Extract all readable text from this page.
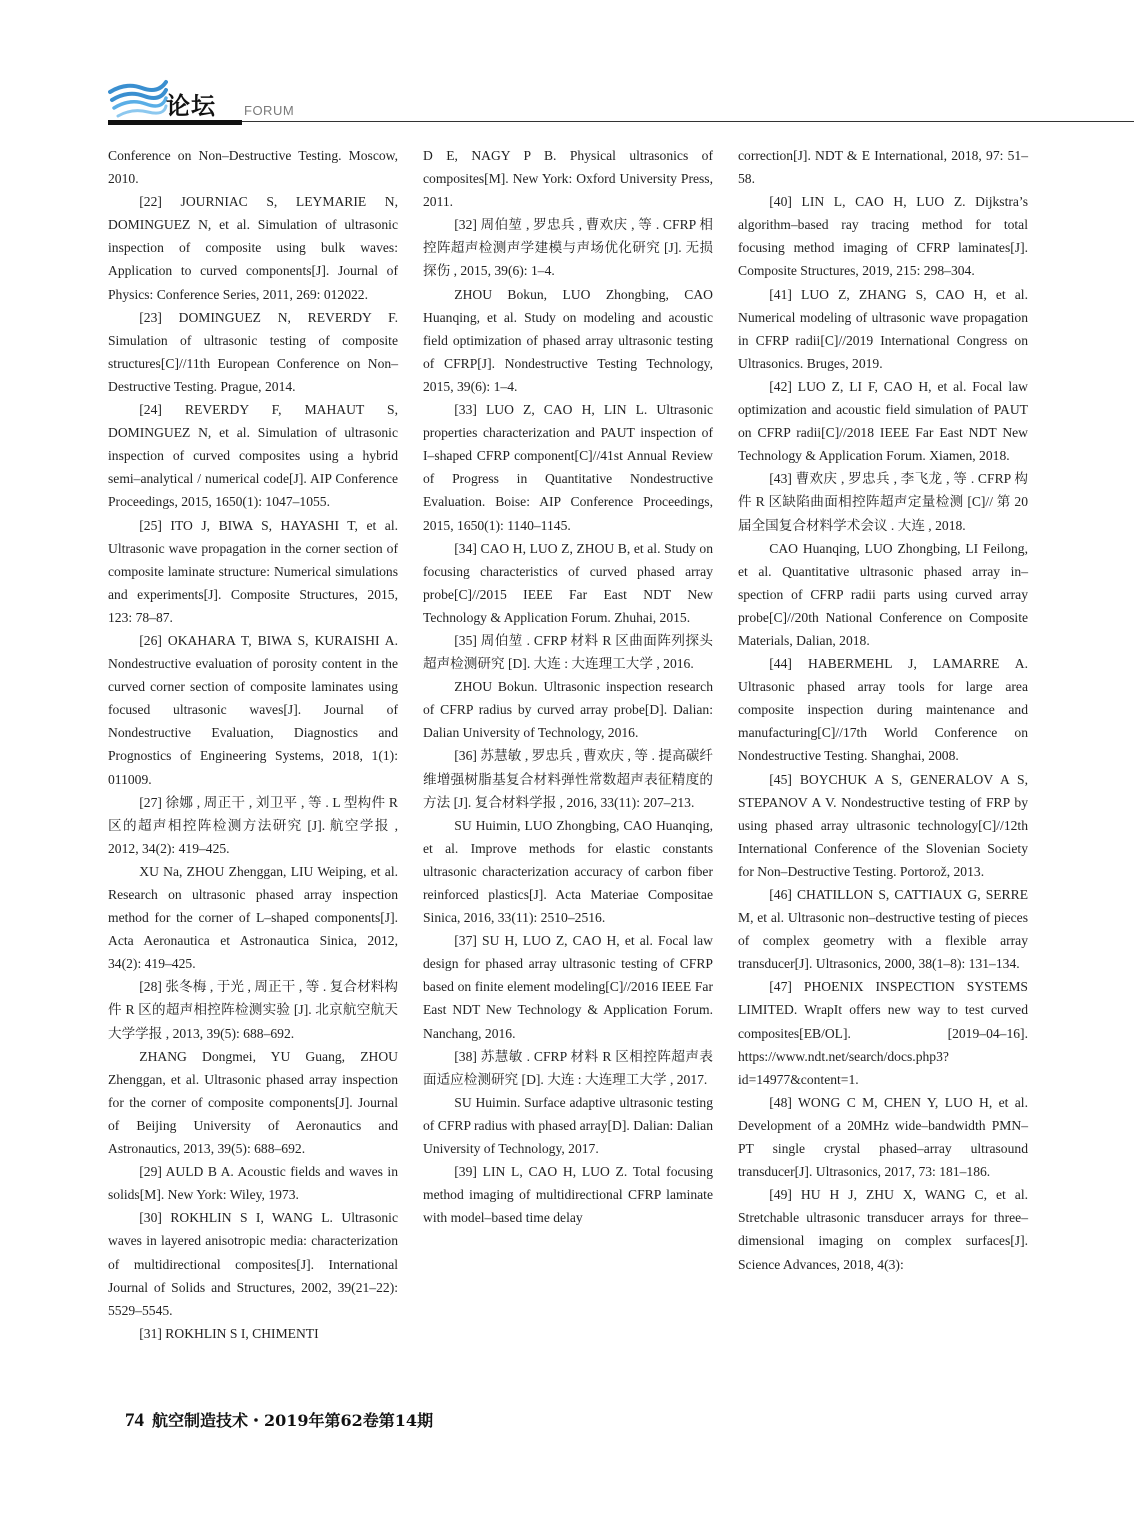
论坛 FORUM

Conference on Non–Destructive Testing. Moscow, 2010.

[22] JOURNIAC S, LEYMARIE N, DOMINGUEZ N, et al. Simulation of ultrasonic inspection of composite using bulk waves: Application to curved components[J]. Journal of Physics: Conference Series, 2011, 269: 012022.

[23] DOMINGUEZ N, REVERDY F. Simulation of ultrasonic testing of composite structures[C]//11th European Conference on Non–Destructive Testing. Prague, 2014.

[24] REVERDY F, MAHAUT S, DOMINGUEZ N, et al. Simulation of ultrasonic inspection of curved composites using a hybrid semi–analytical / numerical code[J]. AIP Conference Proceedings, 2015, 1650(1): 1047–1055.

[25] ITO J, BIWA S, HAYASHI T, et al. Ultrasonic wave propagation in the corner section of composite laminate structure: Numerical simulations and experiments[J]. Composite Structures, 2015, 123: 78–87.

[26] OKAHARA T, BIWA S, KURAISHI A. Nondestructive evaluation of porosity content in the curved corner section of composite laminates using focused ultrasonic waves[J]. Journal of Nondestructive Evaluation, Diagnostics and Prognostics of Engineering Systems, 2018, 1(1): 011009.

[27] 徐娜 , 周正干 , 刘卫平 , 等 . L 型构件 R 区的超声相控阵检测方法研究 [J]. 航空学报 , 2012, 34(2): 419–425.

XU Na, ZHOU Zhenggan, LIU Weiping, et al. Research on ultrasonic phased array inspection method for the corner of L–shaped components[J]. Acta Aeronautica et Astronautica Sinica, 2012, 34(2): 419–425.

[28] 张冬梅 , 于光 , 周正干 , 等 . 复合材料构件 R 区的超声相控阵检测实验 [J]. 北京航空航天大学学报 , 2013, 39(5): 688–692.

ZHANG Dongmei, YU Guang, ZHOU Zhenggan, et al. Ultrasonic phased array inspection for the corner of composite components[J]. Journal of Beijing University of Aeronautics and Astronautics, 2013, 39(5): 688–692.

[29] AULD B A. Acoustic fields and waves in solids[M]. New York: Wiley, 1973.

[30] ROKHLIN S I, WANG L. Ultrasonic waves in layered anisotropic media: characterization of multidirectional composites[J]. International Journal of Solids and Structures, 2002, 39(21–22): 5529–5545.

[31] ROKHLIN S I, CHIMENTI

D E, NAGY P B. Physical ultrasonics of composites[M]. New York: Oxford University Press, 2011.

[32] 周伯堃 , 罗忠兵 , 曹欢庆 , 等 . CFRP 相控阵超声检测声学建模与声场优化研究 [J]. 无损探伤 , 2015, 39(6): 1–4.

ZHOU Bokun, LUO Zhongbing, CAO Huanqing, et al. Study on modeling and acoustic field optimization of phased array ultrasonic testing of CFRP[J]. Nondestructive Testing Technology, 2015, 39(6): 1–4.

[33] LUO Z, CAO H, LIN L. Ultrasonic properties characterization and PAUT inspection of I–shaped CFRP component[C]//41st Annual Review of Progress in Quantitative Nondestructive Evaluation. Boise: AIP Conference Proceedings, 2015, 1650(1): 1140–1145.

[34] CAO H, LUO Z, ZHOU B, et al. Study on focusing characteristics of curved phased array probe[C]//2015 IEEE Far East NDT New Technology & Application Forum. Zhuhai, 2015.

[35] 周伯堃 . CFRP 材料 R 区曲面阵列探头超声检测研究 [D]. 大连 : 大连理工大学 , 2016.

ZHOU Bokun. Ultrasonic inspection research of CFRP radius by curved array probe[D]. Dalian: Dalian University of Technology, 2016.

[36] 苏慧敏 , 罗忠兵 , 曹欢庆 , 等 . 提高碳纤维增强树脂基复合材料弹性常数超声表征精度的方法 [J]. 复合材料学报 , 2016, 33(11): 207–213.

SU Huimin, LUO Zhongbing, CAO Huanqing, et al. Improve methods for elastic constants ultrasonic characterization accuracy of carbon fiber reinforced plastics[J]. Acta Materiae Compositae Sinica, 2016, 33(11): 2510–2516.

[37] SU H, LUO Z, CAO H, et al. Focal law design for phased array ultrasonic testing of CFRP based on finite element modeling[C]//2016 IEEE Far East NDT New Technology & Application Forum. Nanchang, 2016.

[38] 苏慧敏 . CFRP 材料 R 区相控阵超声表面适应检测研究 [D]. 大连 : 大连理工大学 , 2017.

SU Huimin. Surface adaptive ultrasonic testing of CFRP radius with phased array[D]. Dalian: Dalian University of Technology, 2017.

[39] LIN L, CAO H, LUO Z. Total focusing method imaging of multidirectional CFRP laminate with model–based time delay

correction[J]. NDT & E International, 2018, 97: 51–58.

[40] LIN L, CAO H, LUO Z. Dijkstra’s algorithm–based ray tracing method for total focusing method imaging of CFRP laminates[J]. Composite Structures, 2019, 215: 298–304.

[41] LUO Z, ZHANG S, CAO H, et al. Numerical modeling of ultrasonic wave propagation in CFRP radii[C]//2019 International Congress on Ultrasonics. Bruges, 2019.

[42] LUO Z, LI F, CAO H, et al. Focal law optimization and acoustic field simulation of PAUT on CFRP radii[C]//2018 IEEE Far East NDT New Technology & Application Forum. Xiamen, 2018.

[43] 曹欢庆 , 罗忠兵 , 李飞龙 , 等 . CFRP 构件 R 区缺陷曲面相控阵超声定量检测 [C]// 第 20 届全国复合材料学术会议 . 大连 , 2018.

CAO Huanqing, LUO Zhongbing, LI Feilong, et al. Quantitative ultrasonic phased array in–spection of CFRP radii parts using curved array probe[C]//20th National Conference on Composite Materials, Dalian, 2018.

[44] HABERMEHL J, LAMARRE A. Ultrasonic phased array tools for large area composite inspection during maintenance and manufacturing[C]//17th World Conference on Nondestructive Testing. Shanghai, 2008.

[45] BOYCHUK A S, GENERALOV A S, STEPANOV A V. Nondestructive testing of FRP by using phased array ultrasonic technology[C]//12th International Conference of the Slovenian Society for Non–Destructive Testing. Portorož, 2013.

[46] CHATILLON S, CATTIAUX G, SERRE M, et al. Ultrasonic non–destructive testing of pieces of complex geometry with a flexible array transducer[J]. Ultrasonics, 2000, 38(1–8): 131–134.

[47] PHOENIX INSPECTION SYSTEMS LIMITED. WrapIt offers new way to test curved composites[EB/OL]. [2019–04–16]. https://www.ndt.net/search/docs.php3?id=14977&content=1.

[48] WONG C M, CHEN Y, LUO H, et al. Development of a 20MHz wide–bandwidth PMN–PT single crystal phased–array ultrasound transducer[J]. Ultrasonics, 2017, 73: 181–186.

[49] HU H J, ZHU X, WANG C, et al. Stretchable ultrasonic transducer arrays for three–dimensional imaging on complex surfaces[J]. Science Advances, 2018, 4(3):

74 航空制造技术・2019年第62卷第14期
